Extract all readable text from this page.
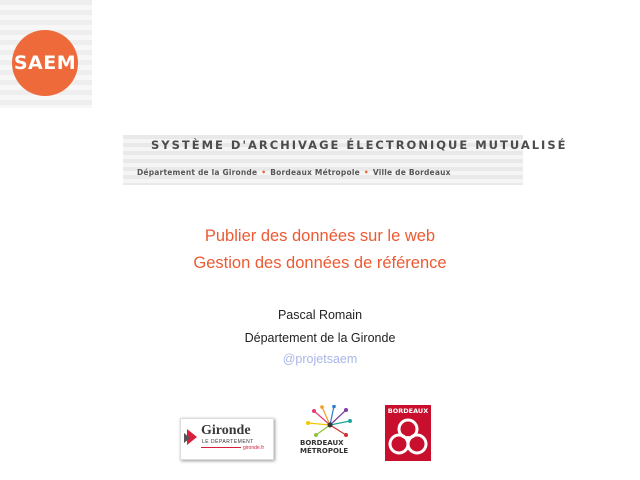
SAEM
SYSTÈME D'ARCHIVAGE ÉLECTRONIQUE MUTUALISÉ
Département de la Gironde • Bordeaux Métropole • Ville de Bordeaux
Publier des données sur le web
Gestion des données de référence
Pascal Romain
Département de la Gironde
@projetsaem
Gironde
LE DÉPARTEMENT
gironde.fr
BORDEAUX
MÉTROPOLE
BORDEAUX
